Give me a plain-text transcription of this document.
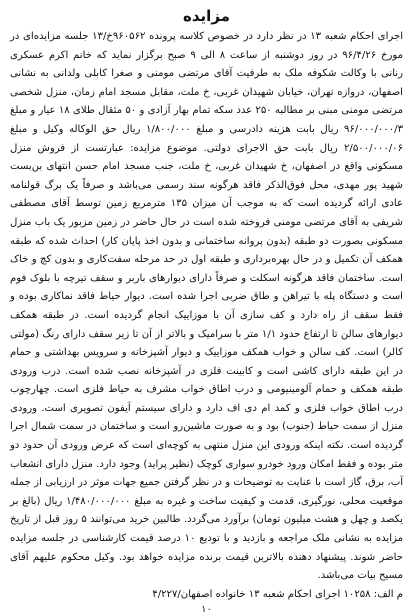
مزایده

اجرای احکام شعبه ۱۳ در نظر دارد در خصوص کلاسه پرونده ۹۶۰۵۶۲خ/۱۳ جلسه مزایده‌ای در مورخ ۹۶/۴/۲۶ در روز دوشنبه از ساعت ۸ الی ۹ صبح برگزار نماید که خانم اکرم عسکری رنانی با وکالت شکوفه ملک به طرفیت آقای مرتضی مومنی و صغرا کابلی ولدانی به نشانی اصفهان، دروازه تهران، خیابان شهیدان غربی، خ ملت، مقابل مسجد امام زمان، منزل شخصی مرتضی مومنی مبنی بر مطالبه ۲۵۰ عدد سکه تمام بهار آزادی و ۵۰ مثقال طلای ۱۸ عیار و مبلغ ۹۶/۰۰۰/۰۰۰/۳ ریال بابت هزینه دادرسی و مبلغ ۱/۸۰۰/۰۰۰ ریال حق الوکاله وکیل و مبلغ ۲/۵۰۰/۰۰۰/۰۶ ریال بابت حق الاجرای دولتی. موضوع مزایده: عبارتست از فروش منزل مسکونی واقع در اصفهان، خ شهیدان غربی، خ ملت، جنب مسجد امام حسن انتهای بن‌بست شهید پور مهدی، محل فوق‌الذکر فاقد هرگونه سند رسمی می‌باشد و صرفاً یک برگ قولنامه عادی ارائه گردیده است که به موجب آن میزان ۱۳۵ مترمربع زمین توسط آقای مصطفی شریفی به آقای مرتضی مومنی فروخته شده است در حال حاضر در زمین مزبور یک باب منزل مسکونی بصورت دو طبقه (بدون پروانه ساختمانی و بدون اخذ پایان کار) احداث شده که طبقه همکف آن تکمیل و در حال بهره‌برداری و طبقه اول در حد مرحله سفت‌کاری و بدون کچ و خاک است. ساختمان فاقد هرگونه اسکلت و صرفاً دارای دیوارهای باربر و سقف تیرچه با بلوک فوم است و دستگاه پله با تیراهن و طاق ضربی اجرا شده است. دیوار حیاط فاقد نماکاری بوده و فقط سقف از راه دارد و کف سازی آن با موزاییک انجام گردیده است. در طبقه همکف دیوارهای سالن تا ارتفاع حدود ۱/۱ متر با سرامیک و بالاتر از آن تا زیر سقف دارای رنگ (مولتی کالر) است. کف سالن و خواب همکف موزاییک و دیوار آشپزخانه و سرویس بهداشتی و حمام در این طبقه دارای کاشی است و کابینت فلزی در آشپزخانه نصب شده است. درب ورودی طبقه همکف و حمام آلومینیومی و درب اطاق خواب مشرف به حیاط فلزی است. چهارچوب درب اطاق خواب فلزی و کمد ام دی اف دارد و دارای سیستم آیفون تصویری است. ورودی منزل از سمت حیاط (جنوب) بود و به صورت ماشین‌رو است و ساختمان در سمت شمال اجرا گردیده است. نکته اینکه ورودی این منزل منتهی به کوچه‌ای است که عرض ورودی آن حدود دو متر بوده و فقط امکان ورود خودرو سواری کوچک (نظیر پراید) وجود دارد. منزل دارای انشعاب آب، برق، گاز است با عنایت به توضیحات و در نظر گرفتن جمیع جهات موثر در ارزیابی از جمله موقعیت محلی، نورگیری، قدمت و کیفیت ساخت و غیره به مبلغ ۱/۴۸۰/۰۰۰/۰۰۰ ریال (بالغ بر یکصد و چهل و هشت میلیون تومان) برآورد می‌گردد. طالبین خرید می‌توانند ۵ روز قبل از تاریخ مزایده به نشانی ملک مراجعه و بازدید و با تودیع ۱۰ درصد قیمت کارشناسی در جلسه مزایده حاضر شوند. پیشنهاد دهنده بالاترین قیمت برنده مزایده خواهد بود. وکیل محکوم علیهم آقای مسیح بیات می‌باشد.

م الف: ۱۰۲۵۸ اجرای احکام شعبه ۱۳ خانواده اصفهان/۴/۲۲۷

۱۰
